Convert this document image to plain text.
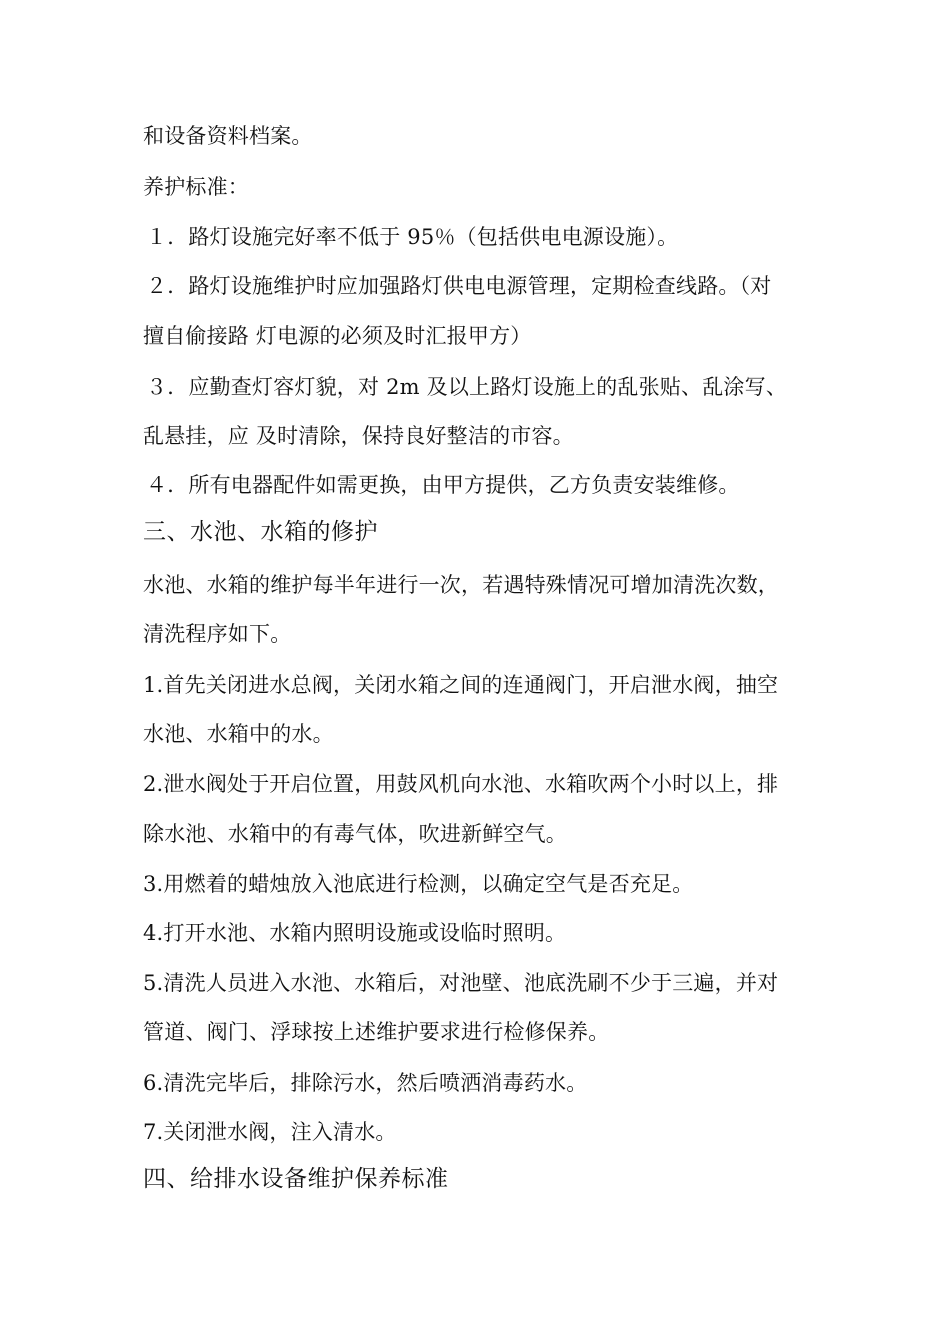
和设备资料档案。
养护标准：
１．路灯设施完好率不低于 95％（包括供电电源设施）。
２．路灯设施维护时应加强路灯供电电源管理，定期检查线路。（对
擅自偷接路 灯电源的必须及时汇报甲方）
３．应勤查灯容灯貌，对 2m 及以上路灯设施上的乱张贴、乱涂写、
乱悬挂，应 及时清除，保持良好整洁的市容。
４．所有电器配件如需更换，由甲方提供，乙方负责安装维修。
三、水池、水箱的修护
水池、水箱的维护每半年进行一次，若遇特殊情况可增加清洗次数，
清洗程序如下。
1.首先关闭进水总阀，关闭水箱之间的连通阀门，开启泄水阀，抽空
水池、水箱中的水。
2.泄水阀处于开启位置，用鼓风机向水池、水箱吹两个小时以上，排
除水池、水箱中的有毒气体，吹进新鲜空气。
3.用燃着的蜡烛放入池底进行检测，以确定空气是否充足。
4.打开水池、水箱内照明设施或设临时照明。
5.清洗人员进入水池、水箱后，对池壁、池底洗刷不少于三遍，并对
管道、阀门、浮球按上述维护要求进行检修保养。
6.清洗完毕后，排除污水，然后喷洒消毒药水。
7.关闭泄水阀，注入清水。
四、给排水设备维护保养标准
